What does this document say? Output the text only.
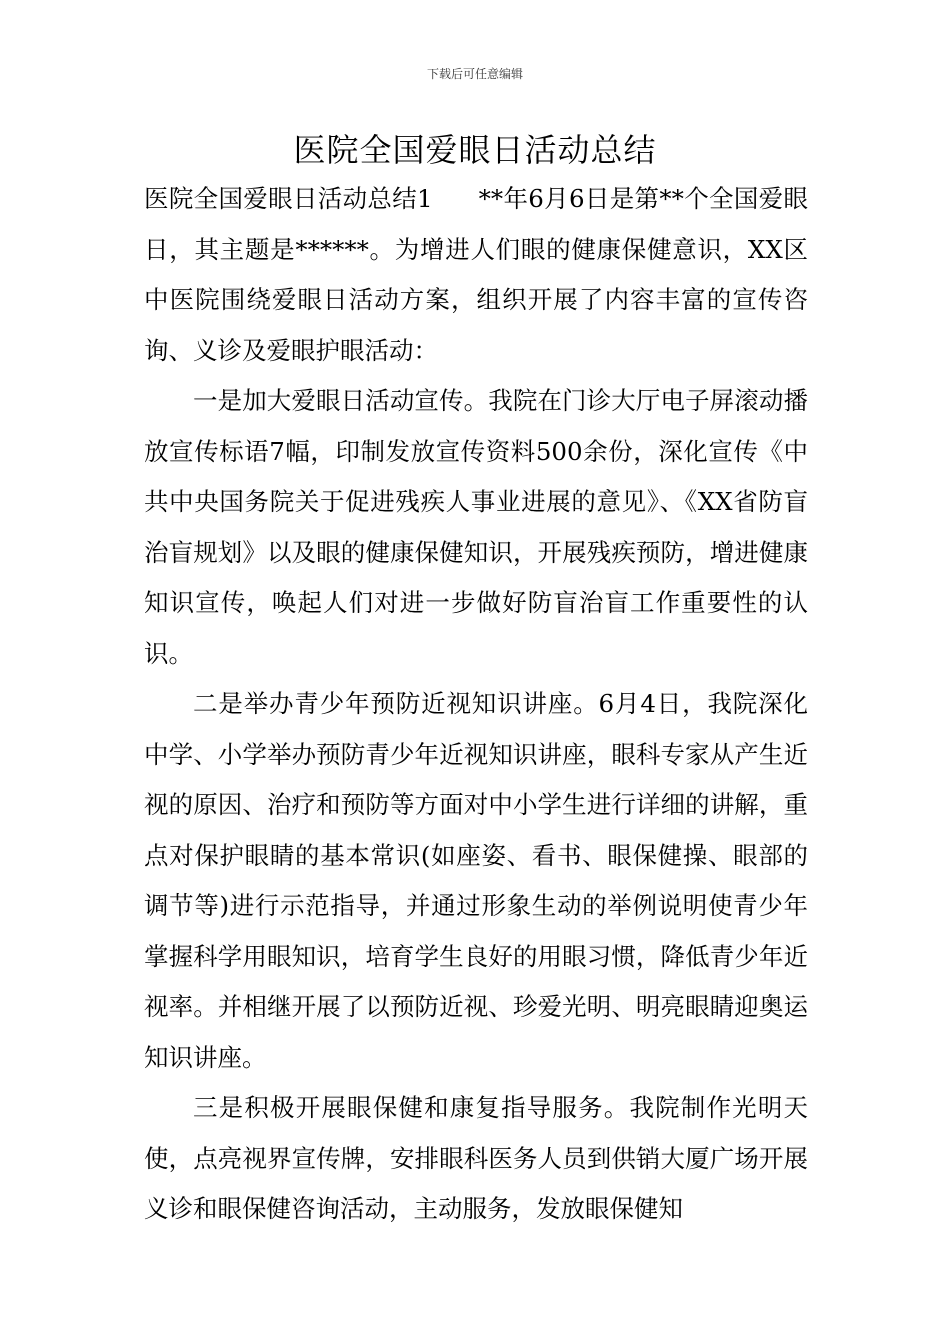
下载后可任意编辑
医院全国爱眼日活动总结

医院全国爱眼日活动总结1 **年6月6日是第**个全国爱眼日，其主题是******。为增进人们眼的健康保健意识，XX区中医院围绕爱眼日活动方案，组织开展了内容丰富的宣传咨询、义诊及爱眼护眼活动：

一是加大爱眼日活动宣传。我院在门诊大厅电子屏滚动播放宣传标语7幅，印制发放宣传资料500余份，深化宣传《中共中央国务院关于促进残疾人事业进展的意见》、《XX省防盲治盲规划》以及眼的健康保健知识，开展残疾预防，增进健康知识宣传，唤起人们对进一步做好防盲治盲工作重要性的认识。

二是举办青少年预防近视知识讲座。6月4日，我院深化中学、小学举办预防青少年近视知识讲座，眼科专家从产生近视的原因、治疗和预防等方面对中小学生进行详细的讲解，重点对保护眼睛的基本常识(如座姿、看书、眼保健操、眼部的调节等)进行示范指导，并通过形象生动的举例说明使青少年掌握科学用眼知识，培育学生良好的用眼习惯，降低青少年近视率。并相继开展了以预防近视、珍爱光明、明亮眼睛迎奥运知识讲座。

三是积极开展眼保健和康复指导服务。我院制作光明天使，点亮视界宣传牌，安排眼科医务人员到供销大厦广场开展义诊和眼保健咨询活动，主动服务，发放眼保健知
